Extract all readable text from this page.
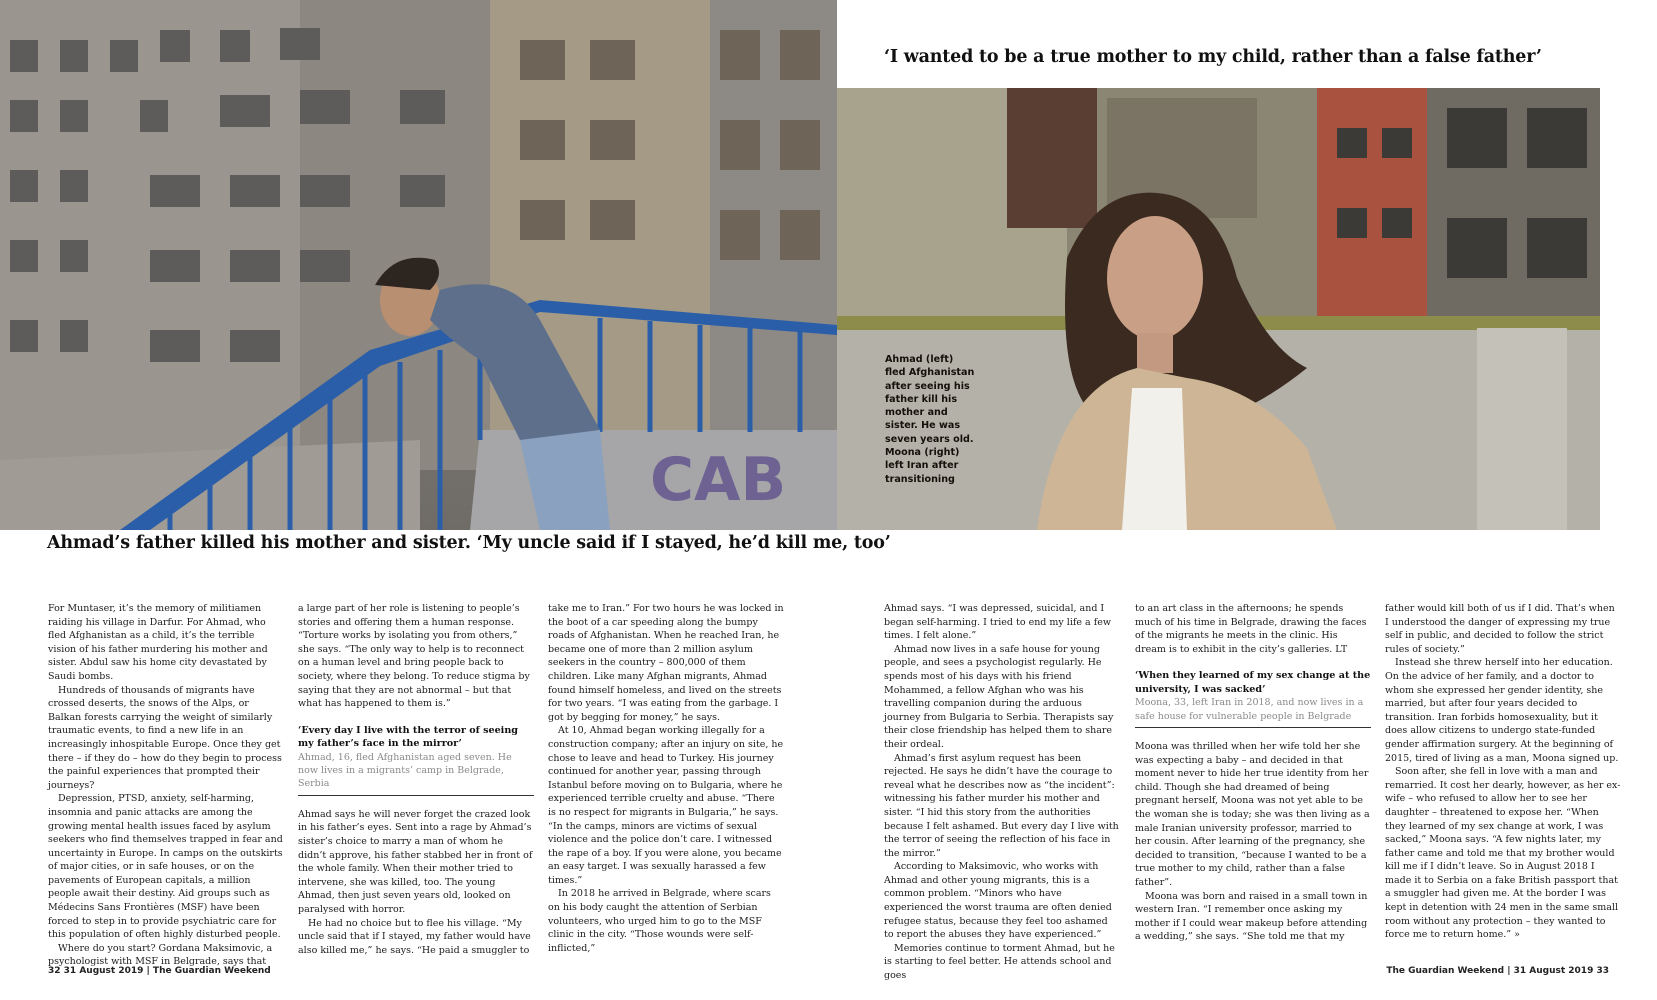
CAB
Ahmad (left) fled Afghanistan after seeing his father kill his mother and sister. He was seven years old. Moona (right) left Iran after transitioning
‘I wanted to be a true mother to my child, rather than a false father’
Ahmad’s father killed his mother and sister. ‘My uncle said if I stayed, he’d kill me, too’

For Muntaser, it’s the memory of militiamen raiding his village in Darfur. For Ahmad, who fled Afghanistan as a child, it’s the terrible vision of his father murdering his mother and sister. Abdul saw his home city devastated by Saudi bombs.

Hundreds of thousands of migrants have crossed deserts, the snows of the Alps, or Balkan forests carrying the weight of similarly traumatic events, to find a new life in an increasingly inhospitable Europe. Once they get there – if they do – how do they begin to process the painful experiences that prompted their journeys?

Depression, PTSD, anxiety, self-harming, insomnia and panic attacks are among the growing mental health issues faced by asylum seekers who find themselves trapped in fear and uncertainty in Europe. In camps on the outskirts of major cities, or in safe houses, or on the pavements of European capitals, a million people await their destiny. Aid groups such as Médecins Sans Frontières (MSF) have been forced to step in to provide psychiatric care for this population of often highly disturbed people.

Where do you start? Gordana Maksimovic, a psychologist with MSF in Belgrade, says that

a large part of her role is listening to people’s stories and offering them a human response. “Torture works by isolating you from others,” she says. “The only way to help is to reconnect on a human level and bring people back to society, where they belong. To reduce stigma by saying that they are not abnormal – but that what has happened to them is.”

‘Every day I live with the terror of seeing my father’s face in the mirror’
Ahmad, 16, fled Afghanistan aged seven. He now lives in a migrants’ camp in Belgrade, Serbia

Ahmad says he will never forget the crazed look in his father’s eyes. Sent into a rage by Ahmad’s sister’s choice to marry a man of whom he didn’t approve, his father stabbed her in front of the whole family. When their mother tried to intervene, she was killed, too. The young Ahmad, then just seven years old, looked on paralysed with horror.

He had no choice but to flee his village. “My uncle said that if I stayed, my father would have also killed me,” he says. “He paid a smuggler to

take me to Iran.” For two hours he was locked in the boot of a car speeding along the bumpy roads of Afghanistan. When he reached Iran, he became one of more than 2 million asylum seekers in the country – 800,000 of them children. Like many Afghan migrants, Ahmad found himself homeless, and lived on the streets for two years. “I was eating from the garbage. I got by begging for money,” he says.

At 10, Ahmad began working illegally for a construction company; after an injury on site, he chose to leave and head to Turkey. His journey continued for another year, passing through Istanbul before moving on to Bulgaria, where he experienced terrible cruelty and abuse. “There is no respect for migrants in Bulgaria,” he says. “In the camps, minors are victims of sexual violence and the police don’t care. I witnessed the rape of a boy. If you were alone, you became an easy target. I was sexually harassed a few times.”

In 2018 he arrived in Belgrade, where scars on his body caught the attention of Serbian volunteers, who urged him to go to the MSF clinic in the city. “Those wounds were self-inflicted,”

Ahmad says. “I was depressed, suicidal, and I began self-harming. I tried to end my life a few times. I felt alone.”

Ahmad now lives in a safe house for young people, and sees a psychologist regularly. He spends most of his days with his friend Mohammed, a fellow Afghan who was his travelling companion during the arduous journey from Bulgaria to Serbia. Therapists say their close friendship has helped them to share their ordeal.

Ahmad’s first asylum request has been rejected. He says he didn’t have the courage to reveal what he describes now as “the incident”: witnessing his father murder his mother and sister. “I hid this story from the authorities because I felt ashamed. But every day I live with the terror of seeing the reflection of his face in the mirror.”

According to Maksimovic, who works with Ahmad and other young migrants, this is a common problem. “Minors who have experienced the worst trauma are often denied refugee status, because they feel too ashamed to report the abuses they have experienced.”

Memories continue to torment Ahmad, but he is starting to feel better. He attends school and goes

to an art class in the afternoons; he spends much of his time in Belgrade, drawing the faces of the migrants he meets in the clinic. His dream is to exhibit in the city’s galleries. LT

‘When they learned of my sex change at the university, I was sacked’
Moona, 33, left Iran in 2018, and now lives in a safe house for vulnerable people in Belgrade

Moona was thrilled when her wife told her she was expecting a baby – and decided in that moment never to hide her true identity from her child. Though she had dreamed of being pregnant herself, Moona was not yet able to be the woman she is today; she was then living as a male Iranian university professor, married to her cousin. After learning of the pregnancy, she decided to transition, “because I wanted to be a true mother to my child, rather than a false father”.

Moona was born and raised in a small town in western Iran. “I remember once asking my mother if I could wear makeup before attending a wedding,” she says. “She told me that my

father would kill both of us if I did. That’s when I understood the danger of expressing my true self in public, and decided to follow the strict rules of society.”

Instead she threw herself into her education. On the advice of her family, and a doctor to whom she expressed her gender identity, she married, but after four years decided to transition. Iran forbids homosexuality, but it does allow citizens to undergo state-funded gender affirmation surgery. At the beginning of 2015, tired of living as a man, Moona signed up.

Soon after, she fell in love with a man and remarried. It cost her dearly, however, as her ex-wife – who refused to allow her to see her daughter – threatened to expose her. “When they learned of my sex change at work, I was sacked,” Moona says. “A few nights later, my father came and told me that my brother would kill me if I didn’t leave. So in August 2018 I made it to Serbia on a fake British passport that a smuggler had given me. At the border I was kept in detention with 24 men in the same small room without any protection – they wanted to force me to return home.” »

32 31 August 2019 | The Guardian Weekend	The Guardian Weekend | 31 August 2019 33
